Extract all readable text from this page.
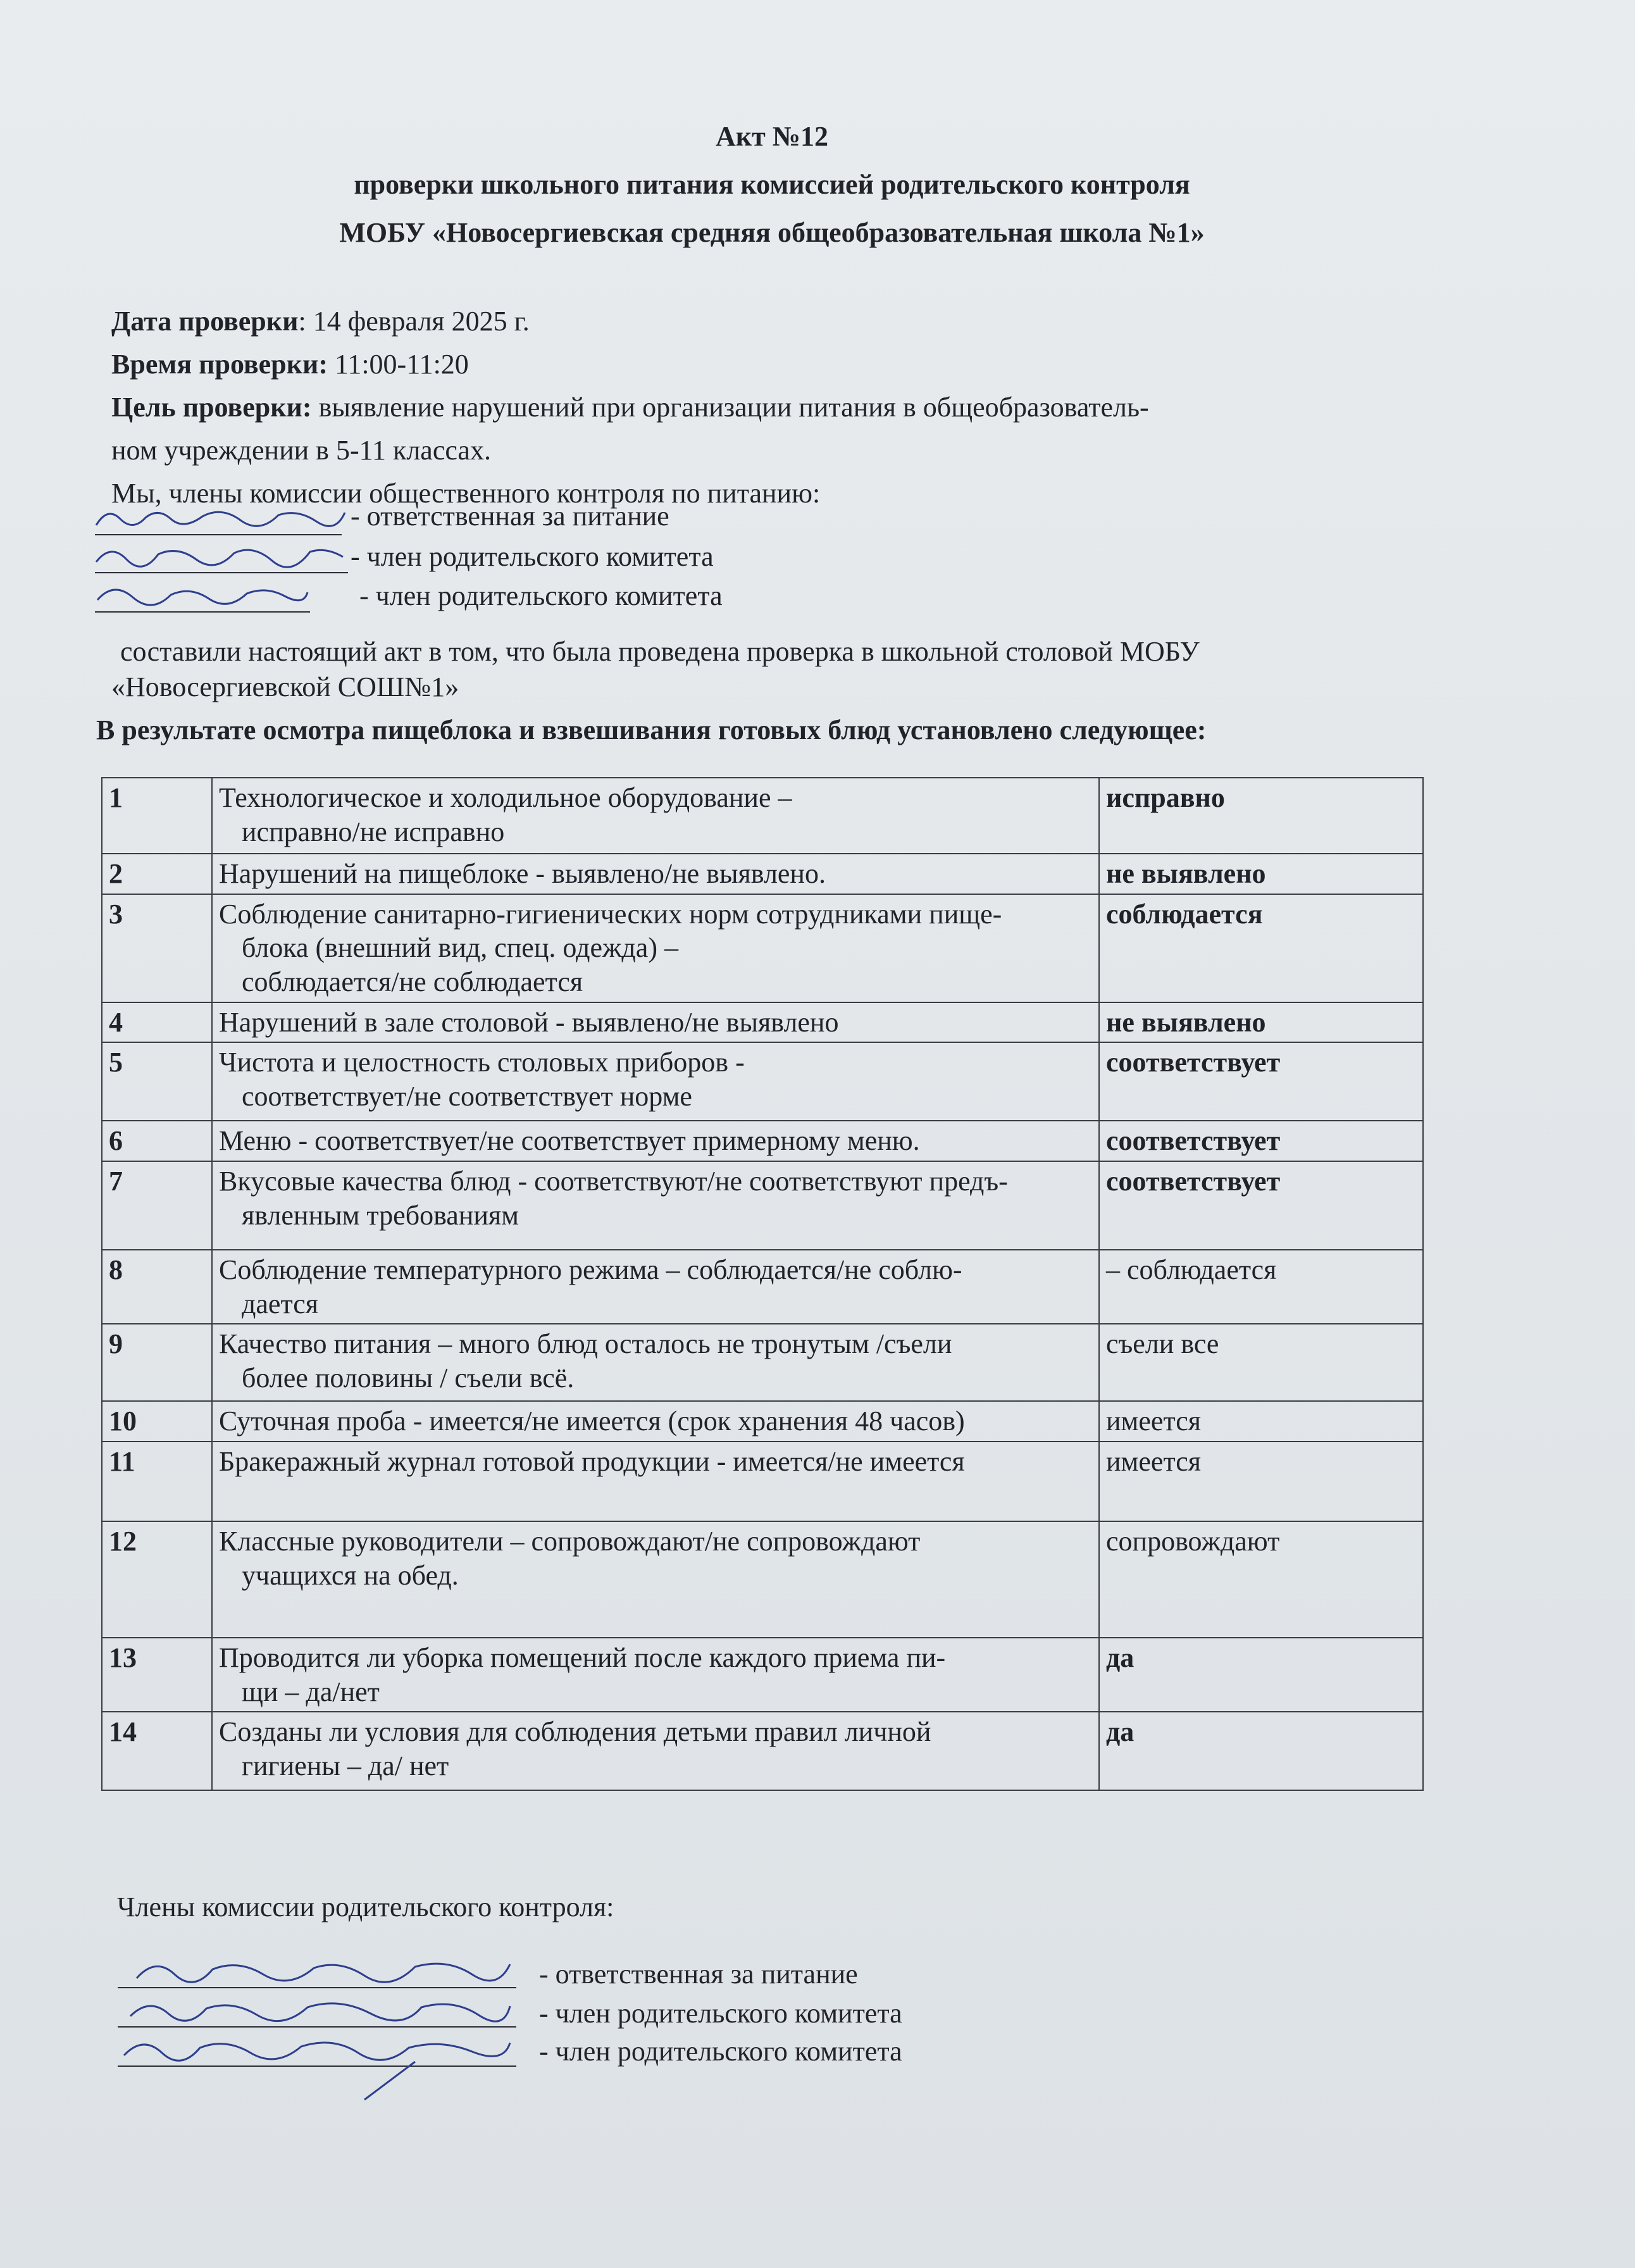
Акт №12
проверки школьного питания комиссией родительского контроля
МОБУ «Новосергиевская средняя общеобразовательная школа №1»
Дата проверки: 14 февраля 2025 г.
Время проверки: 11:00-11:20
Цель проверки: выявление нарушений при организации питания в общеобразователь-
ном учреждении в 5-11 классах.
Мы, члены комиссии общественного контроля по питанию:
- ответственная за питание
- член родительского комитета
- член родительского комитета
составили настоящий акт в том, что была проведена проверка в школьной столовой МОБУ
«Новосергиевской СОШ№1»
В результате осмотра пищеблока и взвешивания готовых блюд установлено следующее:
1	Технологическое и холодильное оборудование –
исправно/не исправно	исправно
2	Нарушений на пищеблоке - выявлено/не выявлено.	не выявлено
3	Соблюдение санитарно-гигиенических норм сотрудниками пище-
блока (внешний вид, спец. одежда) –
соблюдается/не соблюдается	соблюдается
4	Нарушений в зале столовой - выявлено/не выявлено	не выявлено
5	Чистота и целостность столовых приборов -
соответствует/не соответствует норме	соответствует
6	Меню - соответствует/не соответствует примерному меню.	соответствует
7	Вкусовые качества блюд - соответствуют/не соответствуют предъ-
явленным требованиям	соответствует
8	Соблюдение температурного режима – соблюдается/не соблю-
дается	– соблюдается
9	Качество питания – много блюд осталось не тронутым /съели
более половины / съели всё.	съели все
10	Суточная проба - имеется/не имеется (срок хранения 48 часов)	имеется
11	Бракеражный журнал готовой продукции - имеется/не имеется	имеется
12	Классные руководители – сопровождают/не сопровождают
учащихся на обед.	сопровождают
13	Проводится ли уборка помещений после каждого приема пи-
щи – да/нет	да
14	Созданы ли условия для соблюдения детьми правил личной
гигиены – да/ нет	да
Члены комиссии родительского контроля:
- ответственная за питание
- член родительского комитета
- член родительского комитета
